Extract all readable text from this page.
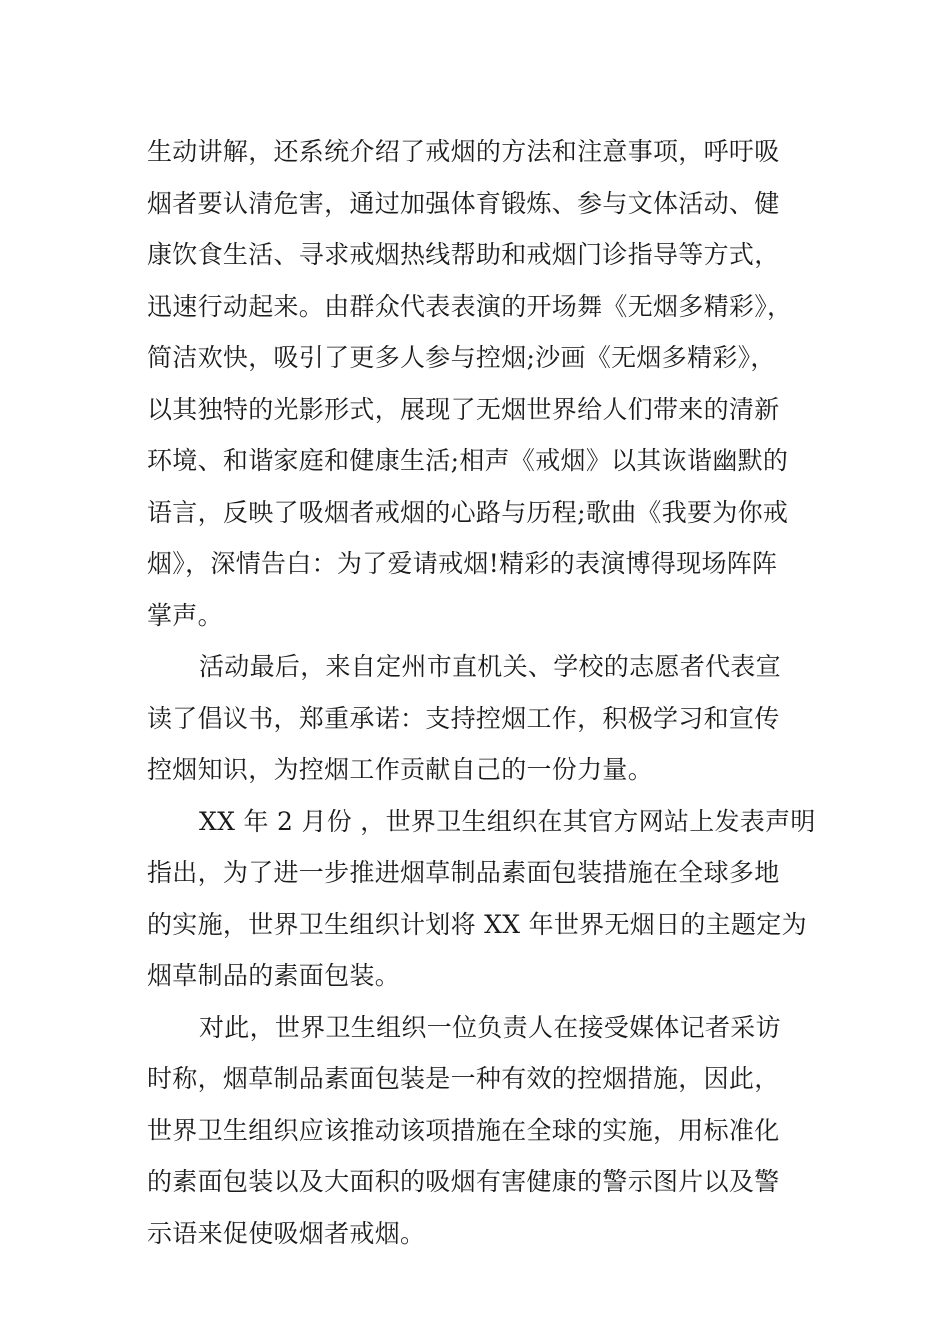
生动讲解，还系统介绍了戒烟的方法和注意事项，呼吁吸
烟者要认清危害，通过加强体育锻炼、参与文体活动、健
康饮食生活、寻求戒烟热线帮助和戒烟门诊指导等方式，
迅速行动起来。由群众代表表演的开场舞《无烟多精彩》，
简洁欢快，吸引了更多人参与控烟;沙画《无烟多精彩》，
以其独特的光影形式，展现了无烟世界给人们带来的清新
环境、和谐家庭和健康生活;相声《戒烟》以其诙谐幽默的
语言，反映了吸烟者戒烟的心路与历程;歌曲《我要为你戒
烟》，深情告白：为了爱请戒烟!精彩的表演博得现场阵阵
掌声。

活动最后，来自定州市直机关、学校的志愿者代表宣
读了倡议书，郑重承诺：支持控烟工作，积极学习和宣传
控烟知识，为控烟工作贡献自己的一份力量。

XX 年 2 月份 ，世界卫生组织在其官方网站上发表声明
指出，为了进一步推进烟草制品素面包装措施在全球多地
的实施，世界卫生组织计划将 XX 年世界无烟日的主题定为
烟草制品的素面包装。

对此，世界卫生组织一位负责人在接受媒体记者采访
时称，烟草制品素面包装是一种有效的控烟措施，因此，
世界卫生组织应该推动该项措施在全球的实施，用标准化
的素面包装以及大面积的吸烟有害健康的警示图片以及警
示语来促使吸烟者戒烟。
